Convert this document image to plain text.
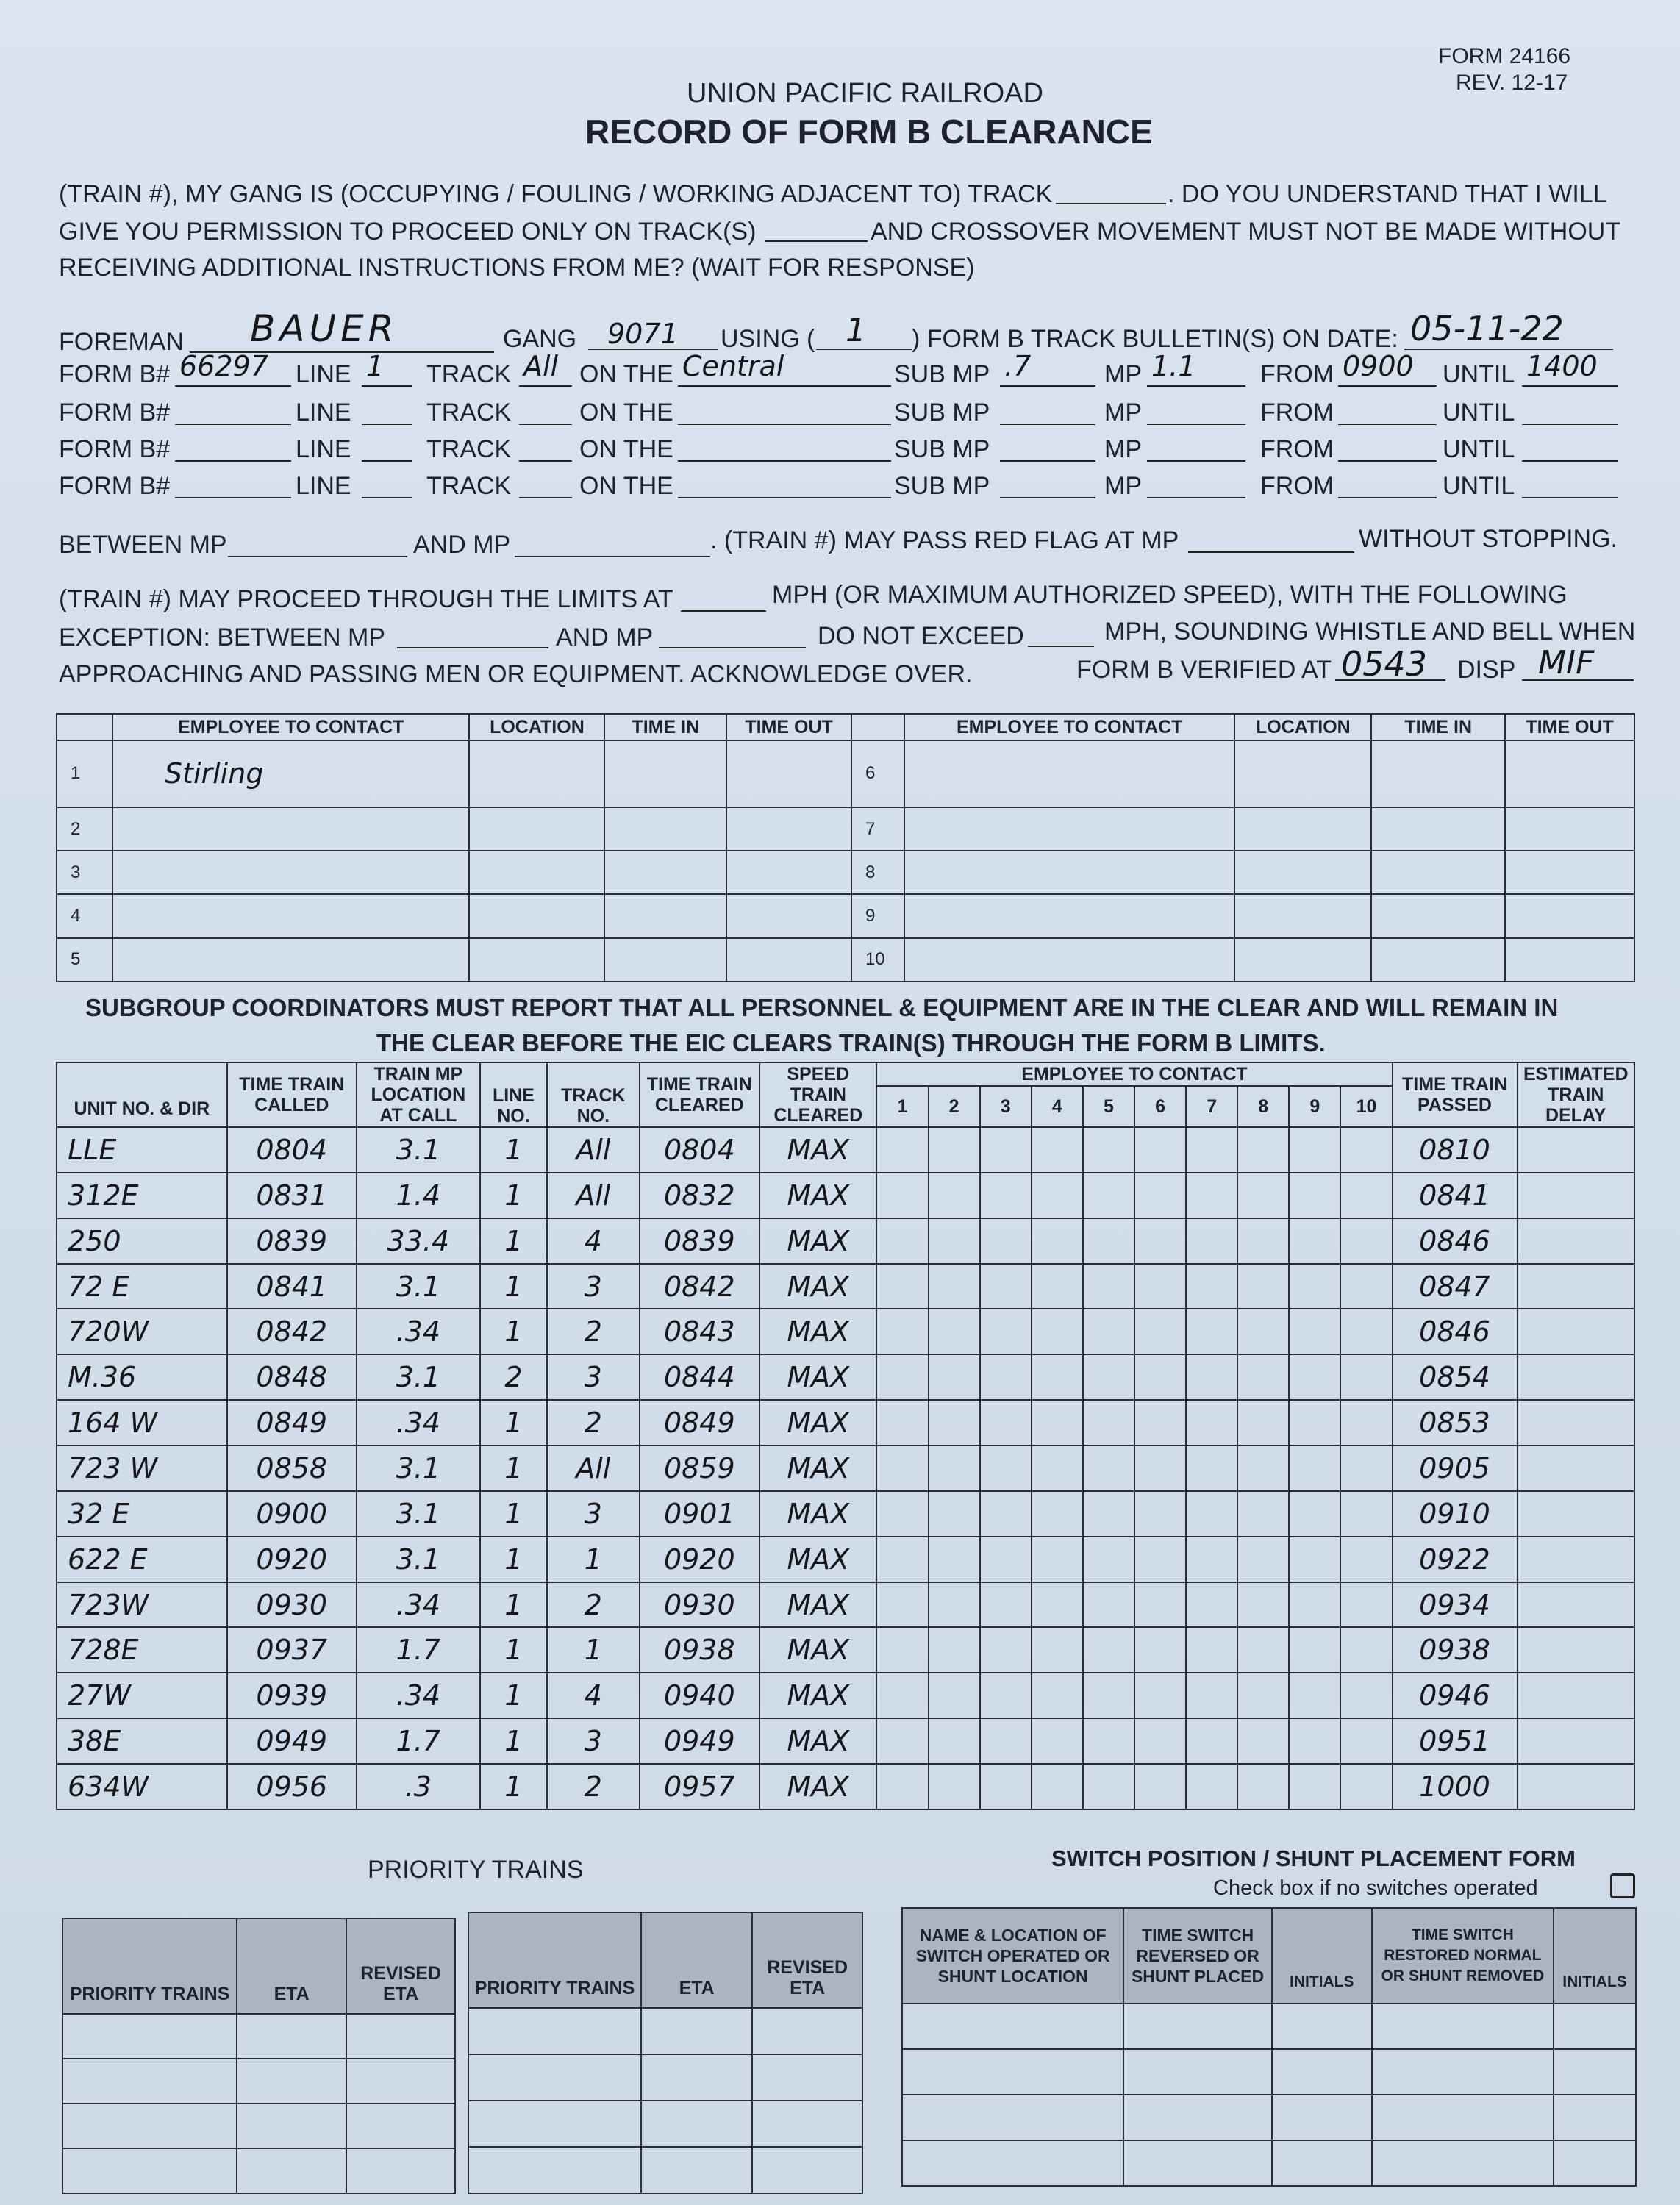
FORM 24166
REV. 12-17
UNION PACIFIC RAILROAD
RECORD OF FORM B CLEARANCE
(TRAIN #), MY GANG IS (OCCUPYING / FOULING / WORKING ADJACENT TO) TRACK	. DO YOU UNDERSTAND THAT I WILL
GIVE YOU PERMISSION TO PROCEED ONLY ON TRACK(S)	AND CROSSOVER MOVEMENT MUST NOT BE MADE WITHOUT
RECEIVING ADDITIONAL INSTRUCTIONS FROM ME? (WAIT FOR RESPONSE)
FOREMAN BAUER	GANG 9071 USING ( 1 ) FORM B TRACK BULLETIN(S) ON DATE: 05-11-22
FORM B# 66297 LINE 1 TRACK All ON THE Central	SUB MP .7	MP 1.1	FROM 0900 UNTIL 1400
FORM B#	LINE	TRACK	ON THE	SUB MP	MP	FROM	UNTIL
FORM B#	LINE	TRACK	ON THE	SUB MP	MP	FROM	UNTIL
FORM B#	LINE	TRACK	ON THE	SUB MP	MP	FROM	UNTIL
BETWEEN MP	AND MP	. (TRAIN #) MAY PASS RED FLAG AT MP	WITHOUT STOPPING.
(TRAIN #) MAY PROCEED THROUGH THE LIMITS AT	MPH (OR MAXIMUM AUTHORIZED SPEED), WITH THE FOLLOWING
EXCEPTION: BETWEEN MP	AND MP	DO NOT EXCEED	MPH, SOUNDING WHISTLE AND BELL WHEN
APPROACHING AND PASSING MEN OR EQUIPMENT. ACKNOWLEDGE OVER.	FORM B VERIFIED AT 0543 DISP MIF
	EMPLOYEE TO CONTACT	LOCATION	TIME IN	TIME OUT		EMPLOYEE TO CONTACT	LOCATION	TIME IN	TIME OUT
1	Stirling				6				
2					7				
3					8				
4					9				
5					10				
SUBGROUP COORDINATORS MUST REPORT THAT ALL PERSONNEL & EQUIPMENT ARE IN THE CLEAR AND WILL REMAIN IN
THE CLEAR BEFORE THE EIC CLEARS TRAIN(S) THROUGH THE FORM B LIMITS.
UNIT NO. & DIR	TIME TRAIN CALLED	TRAIN MP LOCATION AT CALL	LINE NO.	TRACK NO.	TIME TRAIN CLEARED	SPEED TRAIN CLEARED	EMPLOYEE TO CONTACT										TIME TRAIN PASSED	ESTIMATED TRAIN DELAY
							1	2	3	4	5	6	7	8	9	10		
LLE	0804	3.1	1	All	0804	MAX											0810	
312E	0831	1.4	1	All	0832	MAX											0841	
250	0839	33.4	1	4	0839	MAX											0846	
72 E	0841	3.1	1	3	0842	MAX											0847	
720W	0842	.34	1	2	0843	MAX											0846	
M.36	0848	3.1	2	3	0844	MAX											0854	
164 W	0849	.34	1	2	0849	MAX											0853	
723 W	0858	3.1	1	All	0859	MAX											0905	
32 E	0900	3.1	1	3	0901	MAX											0910	
622 E	0920	3.1	1	1	0920	MAX											0922	
723W	0930	.34	1	2	0930	MAX											0934	
728E	0937	1.7	1	1	0938	MAX											0938	
27W	0939	.34	1	4	0940	MAX											0946	
38E	0949	1.7	1	3	0949	MAX											0951	
634W	0956	.3	1	2	0957	MAX											1000	
PRIORITY TRAINS
PRIORITY TRAINS	ETA	REVISED ETA

			PRIORITY TRAINS	ETA	REVISED ETA

SWITCH POSITION / SHUNT PLACEMENT FORM
Check box if no switches operated
NAME & LOCATION OF SWITCH OPERATED OR SHUNT LOCATION	TIME SWITCH REVERSED OR SHUNT PLACED	INITIALS	TIME SWITCH RESTORED NORMAL OR SHUNT REMOVED	INITIALS
